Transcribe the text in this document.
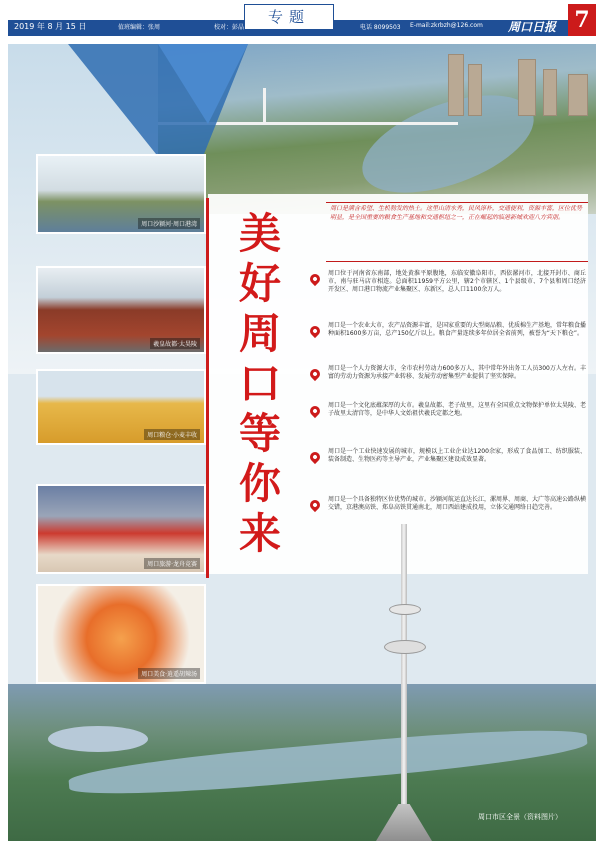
2019 年 8 月 15 日	值班编辑：张周	校对：彭晶	电话 8099503 E-mail:zkrbzh@126.com
专题
周口日报 7
美
好
周
口
等
你
来
周口是满含希望、生机勃发的热土。这里山清水秀，民风淳朴，交通便利，资源丰富，区位优势明显，是全国重要的粮食生产基地和交通枢纽之一，正在崛起的临港新城欢迎八方宾朋。
周口位于河南省东南部，地处黄淮平原腹地，东临安徽阜阳市，西依漯河市，北接开封市、商丘市，南与驻马店市相连。总面积11959平方公里，辖2个市辖区、1个县级市、7个县和周口经济开发区、周口港口物流产业集聚区、东新区，总人口1100余万人。
周口是一个农业大市，农产品资源丰富，是国家重要的大型商品粮、优质棉生产基地，常年粮食播种面积1600多万亩，总产150亿斤以上。粮食产量连续多年位居全省前列，被誉为“天下粮仓”。
周口是一个人力资源大市，全市农村劳动力600多万人，其中常年外出务工人员300万人左右。丰富的劳动力资源为承接产业转移、发展劳动密集型产业提供了坚实保障。
周口是一个文化底蕴深厚的大市。羲皇故都、老子故里，这里有全国重点文物保护单位太昊陵、老子故里太清宫等，是中华人文始祖伏羲氏定都之地。
周口是一个工业快速发展的城市，规模以上工业企业达1200余家，形成了食品加工、纺织服装、装备制造、生物医药等主导产业，产业集聚区建设成效显著。
周口是一个具备独特区位优势的城市。沙颍河航运直达长江，漯周界、周商、大广等高速公路纵横交错，京港澳高铁、郑阜高铁贯通南北，周口西站建成投用，立体交通网络日趋完善。
周口沙颍河·周口港湾
羲皇故都·太昊陵
周口粮仓·小麦丰收
周口旅游·龙舟竞赛
周口美食·逍遥胡辣汤
周口市区全景（资料图片）
